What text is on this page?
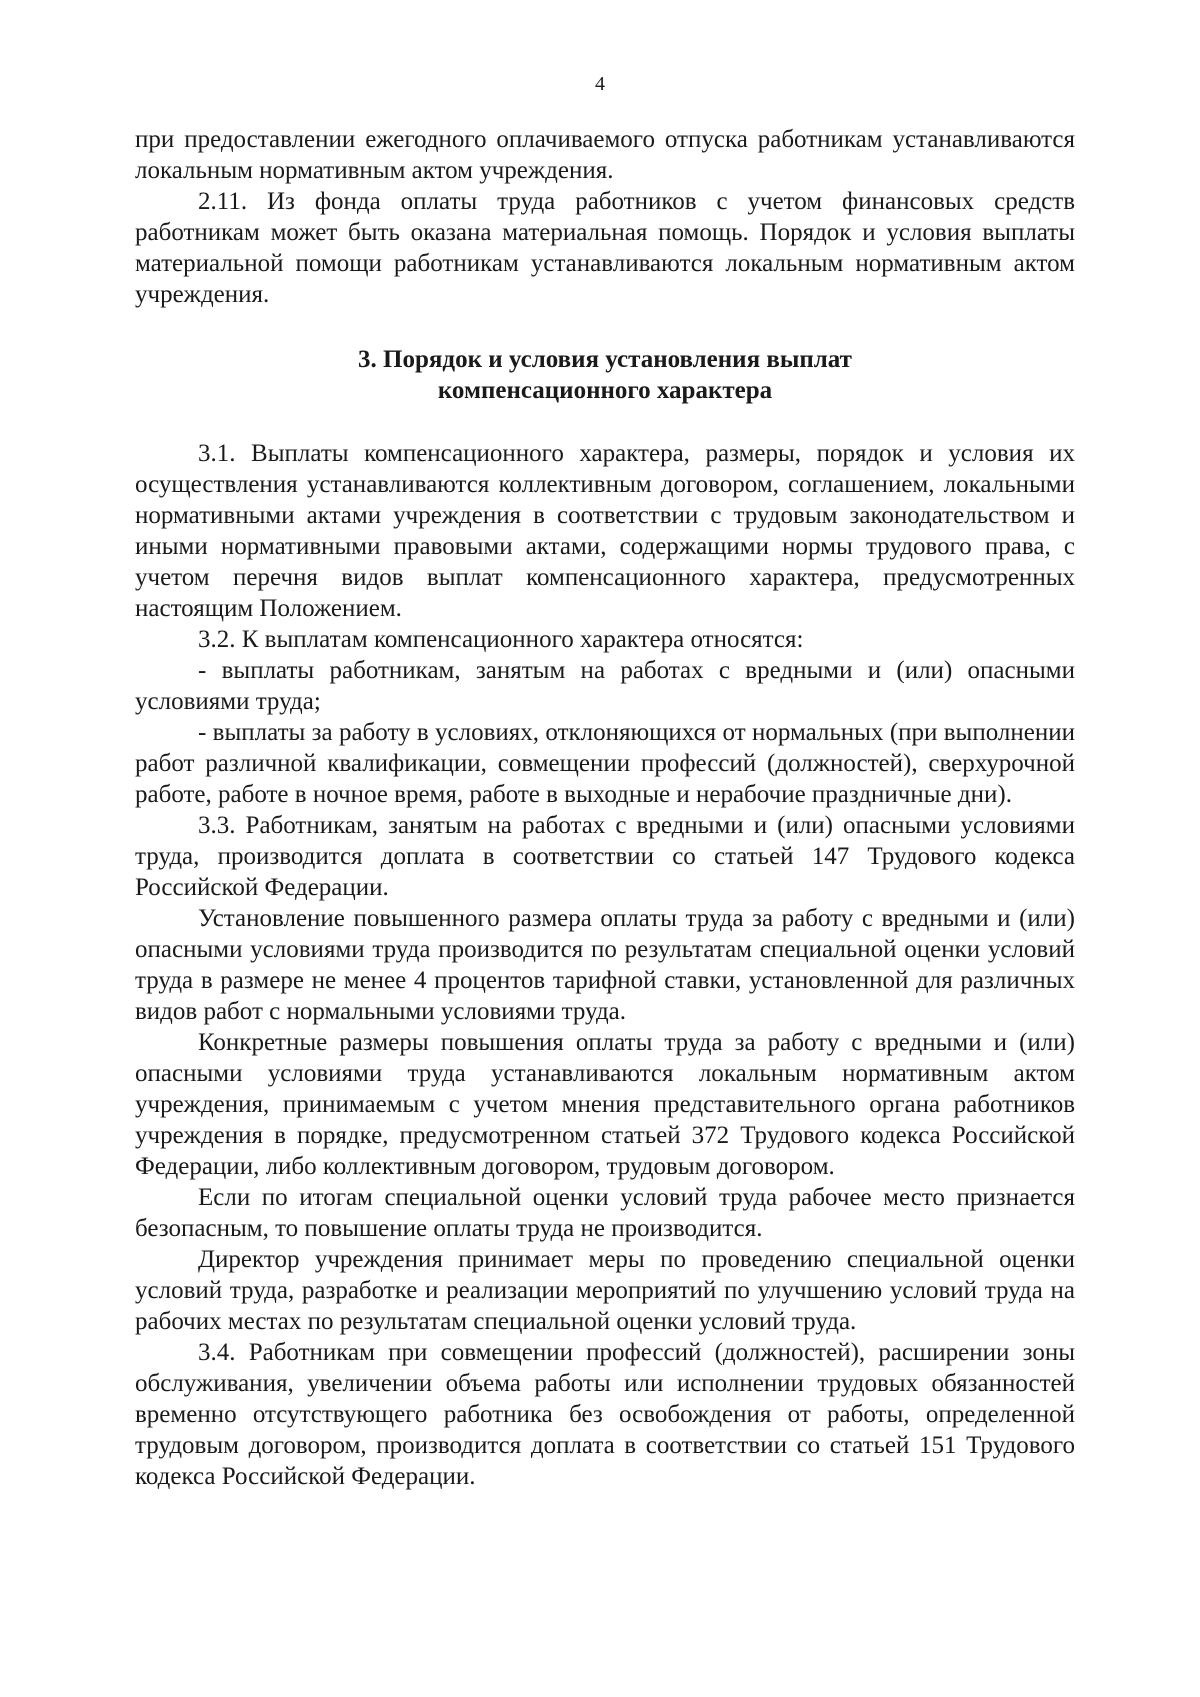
4

при предоставлении ежегодного оплачиваемого отпуска работникам устанавливаются локальным нормативным актом учреждения.

2.11. Из фонда оплаты труда работников с учетом финансовых средств работникам может быть оказана материальная помощь. Порядок и условия выплаты материальной помощи работникам устанавливаются локальным нормативным актом учреждения.

3. Порядок и условия установления выплат
компенсационного характера

3.1. Выплаты компенсационного характера, размеры, порядок и условия их осуществления устанавливаются коллективным договором, соглашением, локальными нормативными актами учреждения в соответствии с трудовым законодательством и иными нормативными правовыми актами, содержащими нормы трудового права, с учетом перечня видов выплат компенсационного характера, предусмотренных настоящим Положением.

3.2. К выплатам компенсационного характера относятся:

- выплаты работникам, занятым на работах с вредными и (или) опасными условиями труда;

- выплаты за работу в условиях, отклоняющихся от нормальных (при выполнении работ различной квалификации, совмещении профессий (должностей), сверхурочной работе, работе в ночное время, работе в выходные и нерабочие праздничные дни).

3.3. Работникам, занятым на работах с вредными и (или) опасными условиями труда, производится доплата в соответствии со статьей 147 Трудового кодекса Российской Федерации.

Установление повышенного размера оплаты труда за работу с вредными и (или) опасными условиями труда производится по результатам специальной оценки условий труда в размере не менее 4 процентов тарифной ставки, установленной для различных видов работ с нормальными условиями труда.

Конкретные размеры повышения оплаты труда за работу с вредными и (или) опасными условиями труда устанавливаются локальным нормативным актом учреждения, принимаемым с учетом мнения представительного органа работников учреждения в порядке, предусмотренном статьей 372 Трудового кодекса Российской Федерации, либо коллективным договором, трудовым договором.

Если по итогам специальной оценки условий труда рабочее место признается безопасным, то повышение оплаты труда не производится.

Директор учреждения принимает меры по проведению специальной оценки условий труда, разработке и реализации мероприятий по улучшению условий труда на рабочих местах по результатам специальной оценки условий труда.

3.4. Работникам при совмещении профессий (должностей), расширении зоны обслуживания, увеличении объема работы или исполнении трудовых обязанностей временно отсутствующего работника без освобождения от работы, определенной трудовым договором, производится доплата в соответствии со статьей 151 Трудового кодекса Российской Федерации.
